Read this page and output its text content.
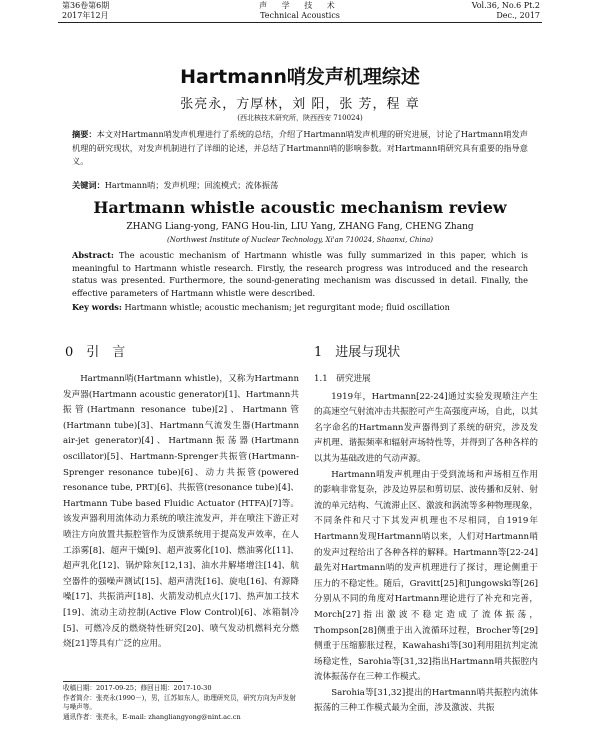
第36卷第6期
2017年12月
声 学 技 术
Technical Acoustics
Vol.36, No.6 Pt.2
Dec., 2017
Hartmann哨发声机理综述
张亮永，方厚林，刘 阳，张 芳，程 章
(西北核技术研究所，陕西西安 710024)
摘要：本文对Hartmann哨发声机理进行了系统的总结，介绍了Hartmann哨发声机理的研究进展，讨论了Hartmann哨发声机理的研究现状，对发声机制进行了详细的论述，并总结了Hartmann哨的影响参数。对Hartmann哨研究具有重要的指导意义。
关键词：Hartmann哨；发声机理；回流模式；流体振荡
Hartmann whistle acoustic mechanism review
ZHANG Liang-yong, FANG Hou-lin, LIU Yang, ZHANG Fang, CHENG Zhang
(Northwest Institute of Nuclear Technology, Xi'an 710024, Shaanxi, China)
Abstract: The acoustic mechanism of Hartmann whistle was fully summarized in this paper, which is meaningful to Hartmann whistle research. Firstly, the research progress was introduced and the research status was presented. Furthermore, the sound-generating mechanism was discussed in detail. Finally, the effective parameters of Hartmann whistle were described.
Key words: Hartmann whistle; acoustic mechanism; jet regurgitant mode; fluid oscillation
0　引　言	1　进展与现状

Hartmann哨(Hartmann whistle)，又称为Hartmann发声器(Hartmann acoustic generator)[1]、Hartmann共振管(Hartmann resonance tube)[2]、Hartmann管(Hartmann tube)[3]、Hartmann气流发生器(Hartmann air-jet generator)[4]、Hartmann振荡器(Hartmann oscillator)[5]、Hartmann-Sprenger共振管(Hartmann-Sprenger resonance tube)[6]、动力共振管(powered resonance tube, PRT)[6]、共振管(resonance tube)[4]、Hartmann Tube based Fluidic Actuator (HTFA)[7]等。该发声器利用流体动力系统的喷注流发声，并在喷注下游正对喷注方向放置共振腔管作为反馈系统用于提高发声效率，在人工添雾[8]、超声干燥[9]、超声波雾化[10]、燃油雾化[11]、超声乳化[12]、锅炉除灰[12,13]、油水井解堵增注[14]、航空器件的强噪声测试[15]、超声清洗[16]、旋电[16]、有源降噪[17]、共振消声[18]、火箭发动机点火[17]、热声加工技术[19]、流动主动控制(Active Flow Control)[6]、冰箱制冷[5]、可燃冷反的燃烧特性研究[20]、喷气发动机燃料充分燃烧[21]等具有广泛的应用。

1.1　研究进展

1919年，Hartmann[22-24]通过实验发现喷注产生的高速空气射流冲击共振腔可产生高强度声场，自此，以其名字命名的Hartmann发声器得到了系统的研究，涉及发声机理、谐振频率和辐射声场特性等，并得到了各种各样的以其为基础改进的气动声源。

Hartmann哨发声机理由于受到流场和声场相互作用的影响非常复杂，涉及边界层和剪切层、波传播和反射、射流的单元结构、气流滞止区、激波和涡流等多种物理现象，不同条件和尺寸下其发声机理也不尽相同，自1919年Hartmann发现Hartmann哨以来，人们对Hartmann哨的发声过程给出了各种各样的解释。Hartmann等[22-24]最先对Hartmann哨的发声机理进行了探讨，理论侧重于压力的不稳定性。随后，Gravitt[25]和Jungowski等[26]分别从不同的角度对Hartmann理论进行了补充和完善，Morch[27]指出激波不稳定造成了流体振荡，Thompson[28]侧重于出入流循环过程，Brocher等[29]侧重于压缩膨胀过程，Kawahashi等[30]利用阻抗判定流场稳定性，Sarohia等[31,32]指出Hartmann哨共振腔内流体振荡存在三种工作模式。

Sarohia等[31,32]提出的Hartmann哨共振腔内流体振荡的三种工作模式最为全面，涉及激波、共振

收稿日期：2017-09-25；修回日期：2017-10-30

作者简介：张亮永(1990－)，男，江苏如东人，助理研究员，研究方向为声发射与噪声等。

通讯作者：张亮永，E-mail: zhangliangyong@nint.ac.cn
